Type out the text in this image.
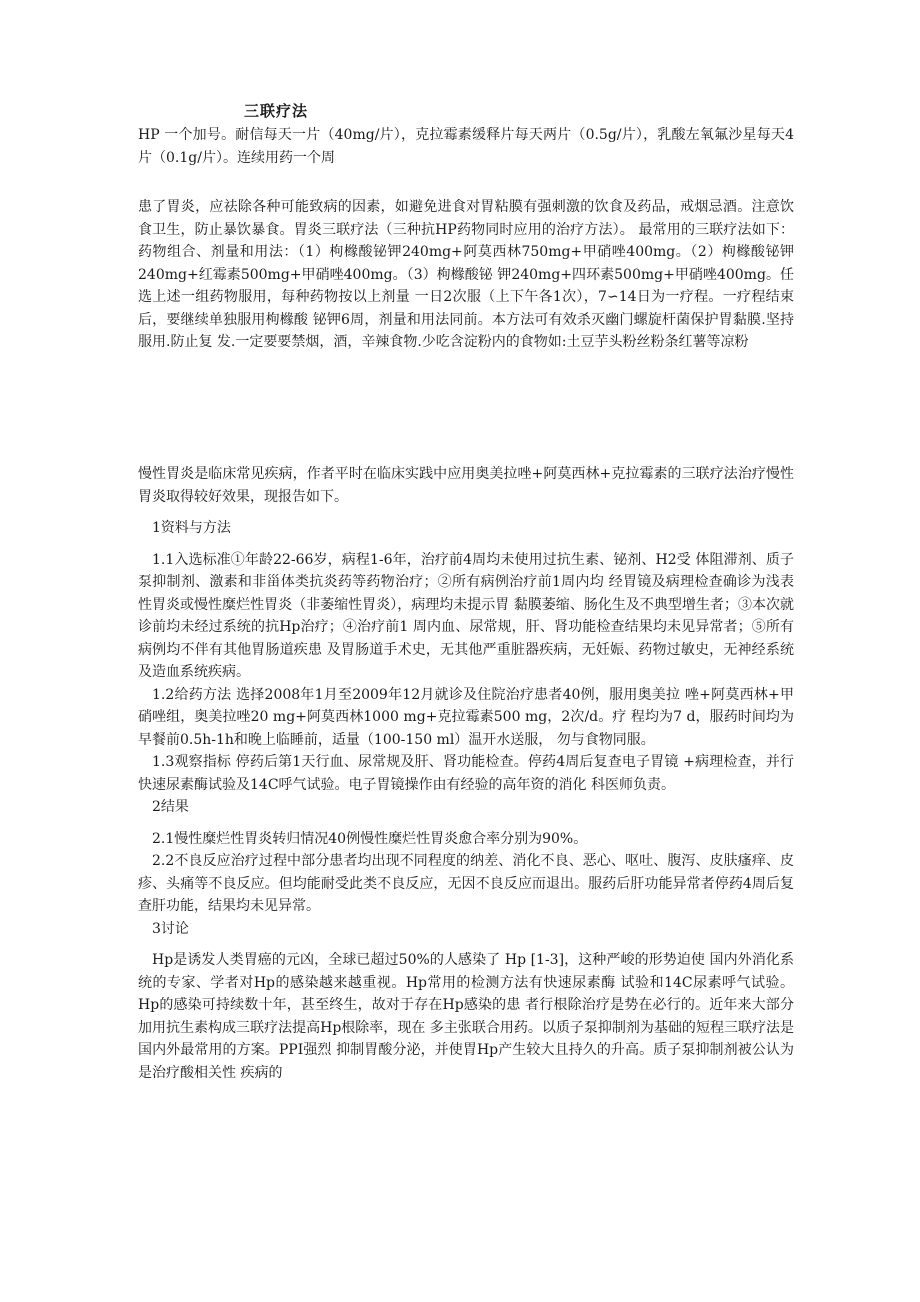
三联疗法

HP 一个加号。耐信每天一片（40mg/片），克拉霉素缓释片每天两片（0.5g/片），乳酸左氧氟沙星每天4片（0.1g/片）。连续用药一个周

患了胃炎，应祛除各种可能致病的因素，如避免进食对胃粘膜有强刺激的饮食及药品，戒烟忌酒。注意饮食卫生，防止暴饮暴食。胃炎三联疗法（三种抗HP药物同时应用的治疗方法）。 最常用的三联疗法如下：药物组合、剂量和用法：（1）枸橼酸铋钾240mg+阿莫西林750mg+甲硝唑400mg。（2）枸橼酸铋钾240mg+红霉素500mg+甲硝唑400mg。（3）枸橼酸铋 钾240mg+四环素500mg+甲硝唑400mg。任选上述一组药物服用，每种药物按以上剂量 一日2次服（上下午各1次），7∽14日为一疗程。一疗程结束后，要继续单独服用枸橼酸 铋钾6周，剂量和用法同前。本方法可有效杀灭幽门螺旋杆菌保护胃黏膜.坚持服用.防止复 发.一定要要禁烟，酒，辛辣食物.少吃含淀粉内的食物如:土豆芋头粉丝粉条红薯等凉粉

慢性胃炎是临床常见疾病，作者平时在临床实践中应用奥美拉唑+阿莫西林+克拉霉素的三联疗法治疗慢性胃炎取得较好效果，现报告如下。

1资料与方法

1.1入选标准①年龄22-66岁，病程1-6年，治疗前4周均未使用过抗生素、铋剂、H2受 体阻滞剂、质子泵抑制剂、激素和非甾体类抗炎药等药物治疗；②所有病例治疗前1周内均 经胃镜及病理检查确诊为浅表性胃炎或慢性糜烂性胃炎（非萎缩性胃炎），病理均未提示胃 黏膜萎缩、肠化生及不典型增生者；③本次就诊前均未经过系统的抗Hp治疗；④治疗前1 周内血、尿常规，肝、肾功能检查结果均未见异常者；⑤所有病例均不伴有其他胃肠道疾患 及胃肠道手术史，无其他严重脏器疾病，无妊娠、药物过敏史，无神经系统及造血系统疾病。

1.2给药方法 选择2008年1月至2009年12月就诊及住院治疗患者40例，服用奥美拉 唑+阿莫西林+甲硝唑组，奥美拉唑20 mg+阿莫西林1000 mg+克拉霉素500 mg，2次/d。疗 程均为7 d，服药时间均为早餐前0.5h-1h和晚上临睡前，适量（100-150 ml）温开水送服， 勿与食物同服。

1.3观察指标 停药后第1天行血、尿常规及肝、肾功能检查。停药4周后复查电子胃镜 +病理检查，并行快速尿素酶试验及14C呼气试验。电子胃镜操作由有经验的高年资的消化 科医师负责。

2结果

2.1慢性糜烂性胃炎转归情况40例慢性糜烂性胃炎愈合率分别为90%。

2.2不良反应治疗过程中部分患者均出现不同程度的纳差、消化不良、恶心、呕吐、腹泻、皮肤瘙痒、皮疹、头痛等不良反应。但均能耐受此类不良反应，无因不良反应而退出。服药后肝功能异常者停药4周后复查肝功能，结果均未见异常。

3讨论

Hp是诱发人类胃癌的元凶，全球已超过50%的人感染了 Hp [1-3]，这种严峻的形势迫使 国内外消化系统的专家、学者对Hp的感染越来越重视。Hp常用的检测方法有快速尿素酶 试验和14C尿素呼气试验。Hp的感染可持续数十年，甚至终生，故对于存在Hp感染的患 者行根除治疗是势在必行的。近年来大部分加用抗生素构成三联疗法提高Hp根除率，现在 多主张联合用药。以质子泵抑制剂为基础的短程三联疗法是国内外最常用的方案。PPI强烈 抑制胃酸分泌，并使胃Hp产生较大且持久的升高。质子泵抑制剂被公认为是治疗酸相关性 疾病的
